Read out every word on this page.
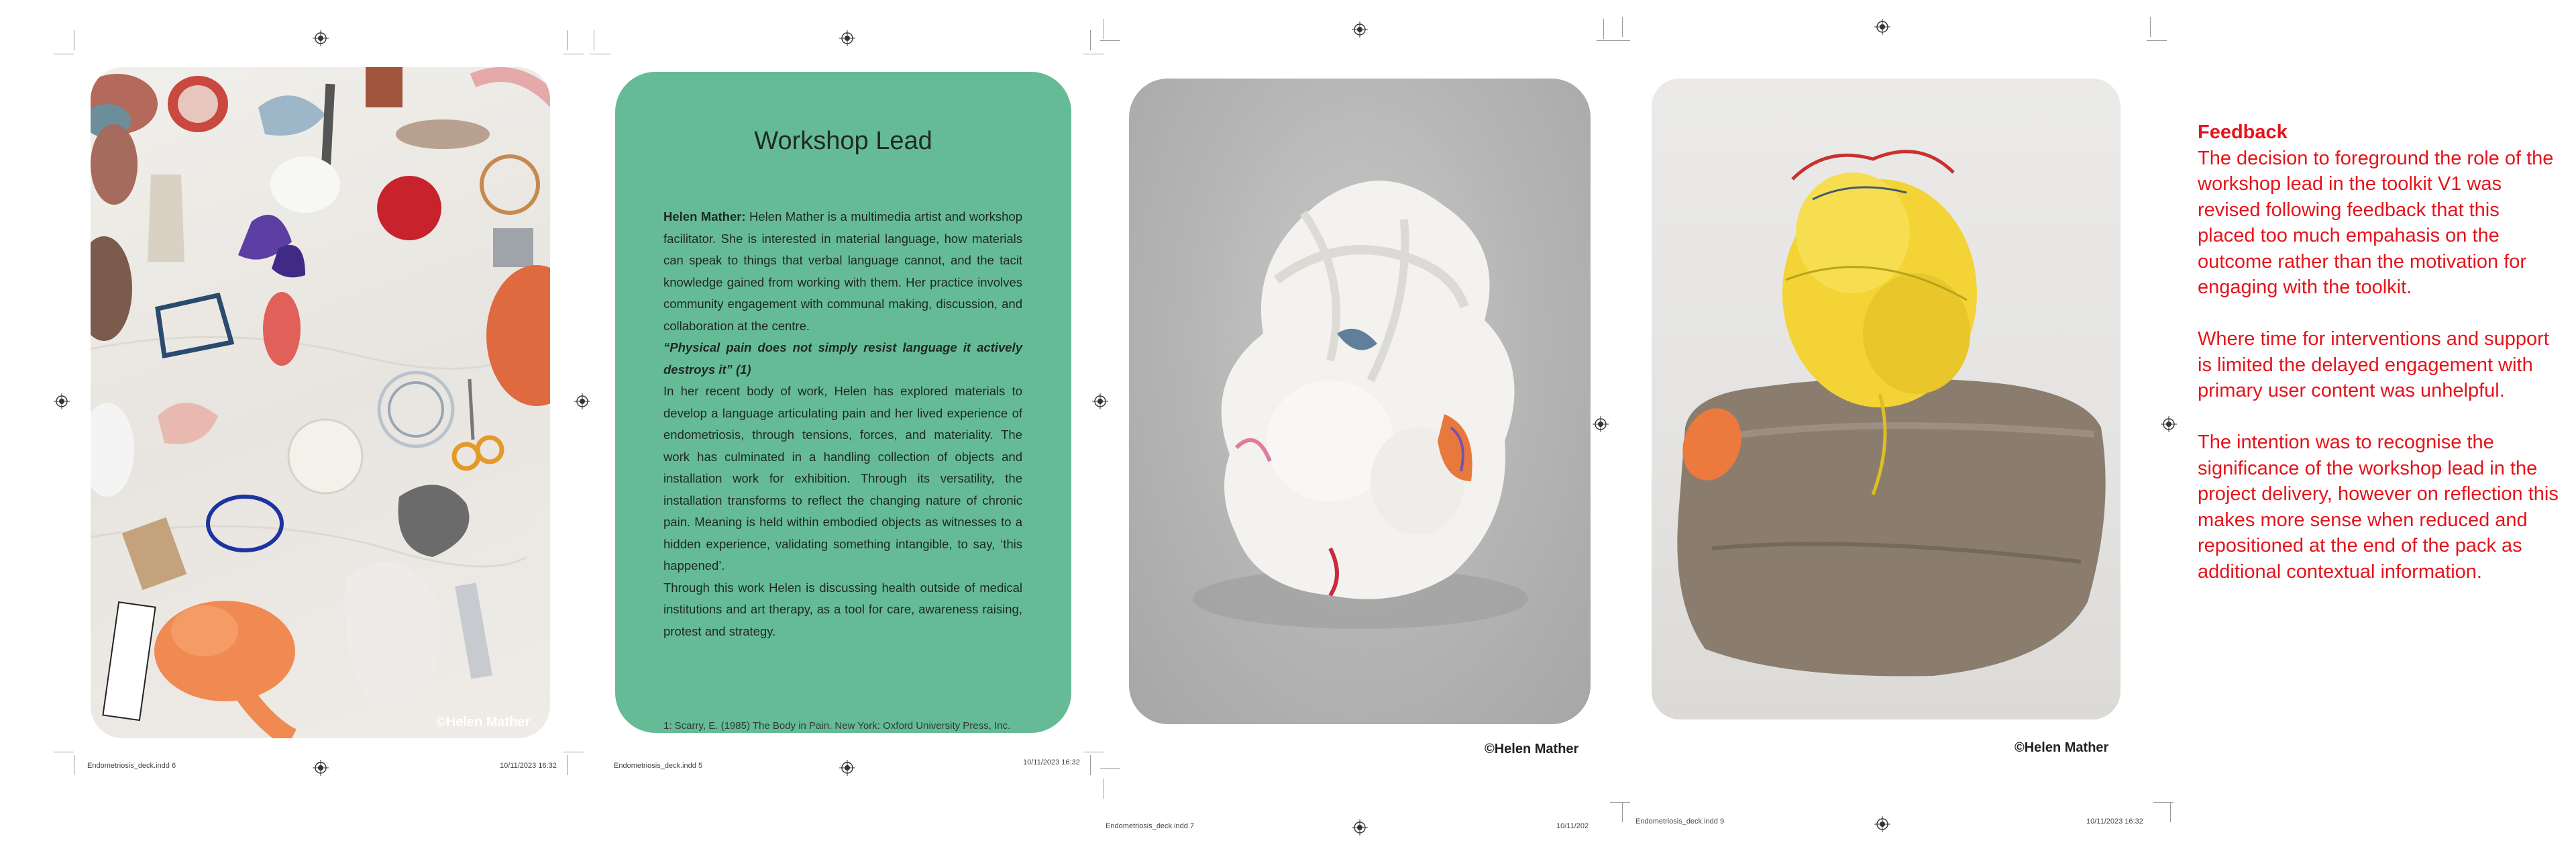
Endometriosis_deck.indd 6	10/11/2023 16:32	Endometriosis_deck.indd 5	10/11/2023 16:32
Endometriosis_deck.indd 7	10/11/202
Endometriosis_deck.indd 9	10/11/2023 16:32
©Helen Mather
Workshop Lead

Helen Mather: Helen Mather is a multimedia artist and workshop facilitator. She is interested in material language, how materials can speak to things that verbal language cannot, and the tacit knowledge gained from working with them. Her practice involves community engagement with communal making, discussion, and collaboration at the centre.

“Physical pain does not simply resist language it actively destroys it” (1)

In her recent body of work, Helen has explored materials to develop a language articulating pain and her lived experience of endometriosis, through tensions, forces, and materiality. The work has culminated in a handling collection of objects and installation work for exhibition. Through its versatility, the installation transforms to reflect the changing nature of chronic pain. Meaning is held within embodied objects as witnesses to a hidden experience, validating something intangible, to say, ‘this happened’.

Through this work Helen is discussing health outside of medical institutions and art therapy, as a tool for care, awareness raising, protest and strategy.

1: Scarry, E. (1985) The Body in Pain. New York: Oxford University Press, Inc.
©Helen Mather	©Helen Mather

Feedback

The decision to foreground the role of the workshop lead in the toolkit V1 was revised following feedback that this placed too much empahasis on the outcome rather than the motivation for engaging with the toolkit.

Where time for interventions and support is limited the delayed engagement with primary user content was unhelpful.

The intention was to recognise the significance of the workshop lead in the project delivery, however on reflection this makes more sense when reduced and repositioned at the end of the pack as additional contextual information.
